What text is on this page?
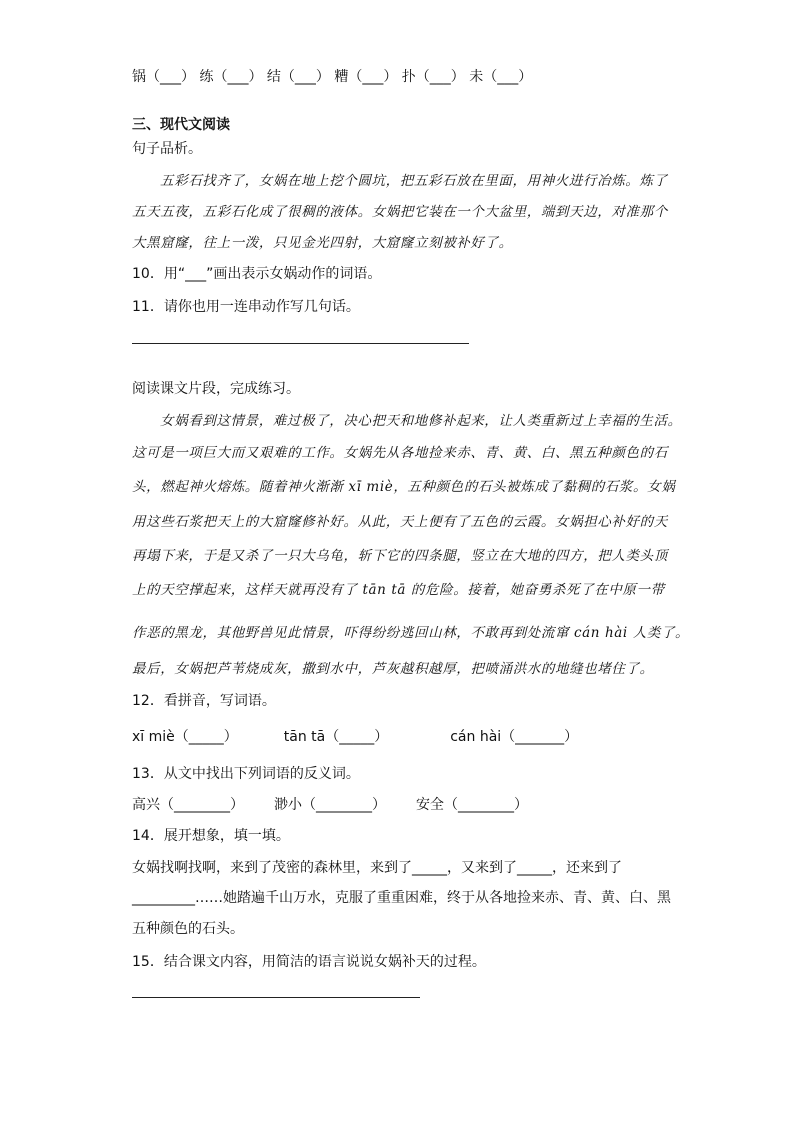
锅（___） 练（___） 结（___） 糟（___） 扑（___） 未（___）
三、现代文阅读
句子品析。
五彩石找齐了，女娲在地上挖个圆坑，把五彩石放在里面，用神火进行冶炼。炼了
五天五夜，五彩石化成了很稠的液体。女娲把它装在一个大盆里，端到天边，对准那个
大黑窟窿，往上一泼，只见金光四射，大窟窿立刻被补好了。
10．用“___”画出表示女娲动作的词语。
11．请你也用一连串动作写几句话。
阅读课文片段，完成练习。
女娲看到这情景，难过极了，决心把天和地修补起来，让人类重新过上幸福的生活。
这可是一项巨大而又艰难的工作。女娲先从各地捡来赤、青、黄、白、黑五种颜色的石
头，燃起神火熔炼。随着神火渐渐 xī miè，五种颜色的石头被炼成了黏稠的石浆。女娲
用这些石浆把天上的大窟窿修补好。从此，天上便有了五色的云霞。女娲担心补好的天
再塌下来，于是又杀了一只大乌龟，斩下它的四条腿，竖立在大地的四方，把人类头顶
上的天空撑起来，这样天就再没有了 tān tā 的危险。接着，她奋勇杀死了在中原一带
作恶的黑龙，其他野兽见此情景，吓得纷纷逃回山林，不敢再到处流窜 cán hài 人类了。
最后，女娲把芦苇烧成灰，撒到水中，芦灰越积越厚，把喷涌洪水的地缝也堵住了。
12．看拼音，写词语。
xī miè（_____）	tān tā（_____）	cán hài（_______）
13．从文中找出下列词语的反义词。
高兴（________） 渺小（________） 安全（________）
14．展开想象，填一填。
女娲找啊找啊，来到了茂密的森林里，来到了_____，又来到了_____，还来到了
_________……她踏遍千山万水，克服了重重困难，终于从各地捡来赤、青、黄、白、黑
五种颜色的石头。
15．结合课文内容，用简洁的语言说说女娲补天的过程。
